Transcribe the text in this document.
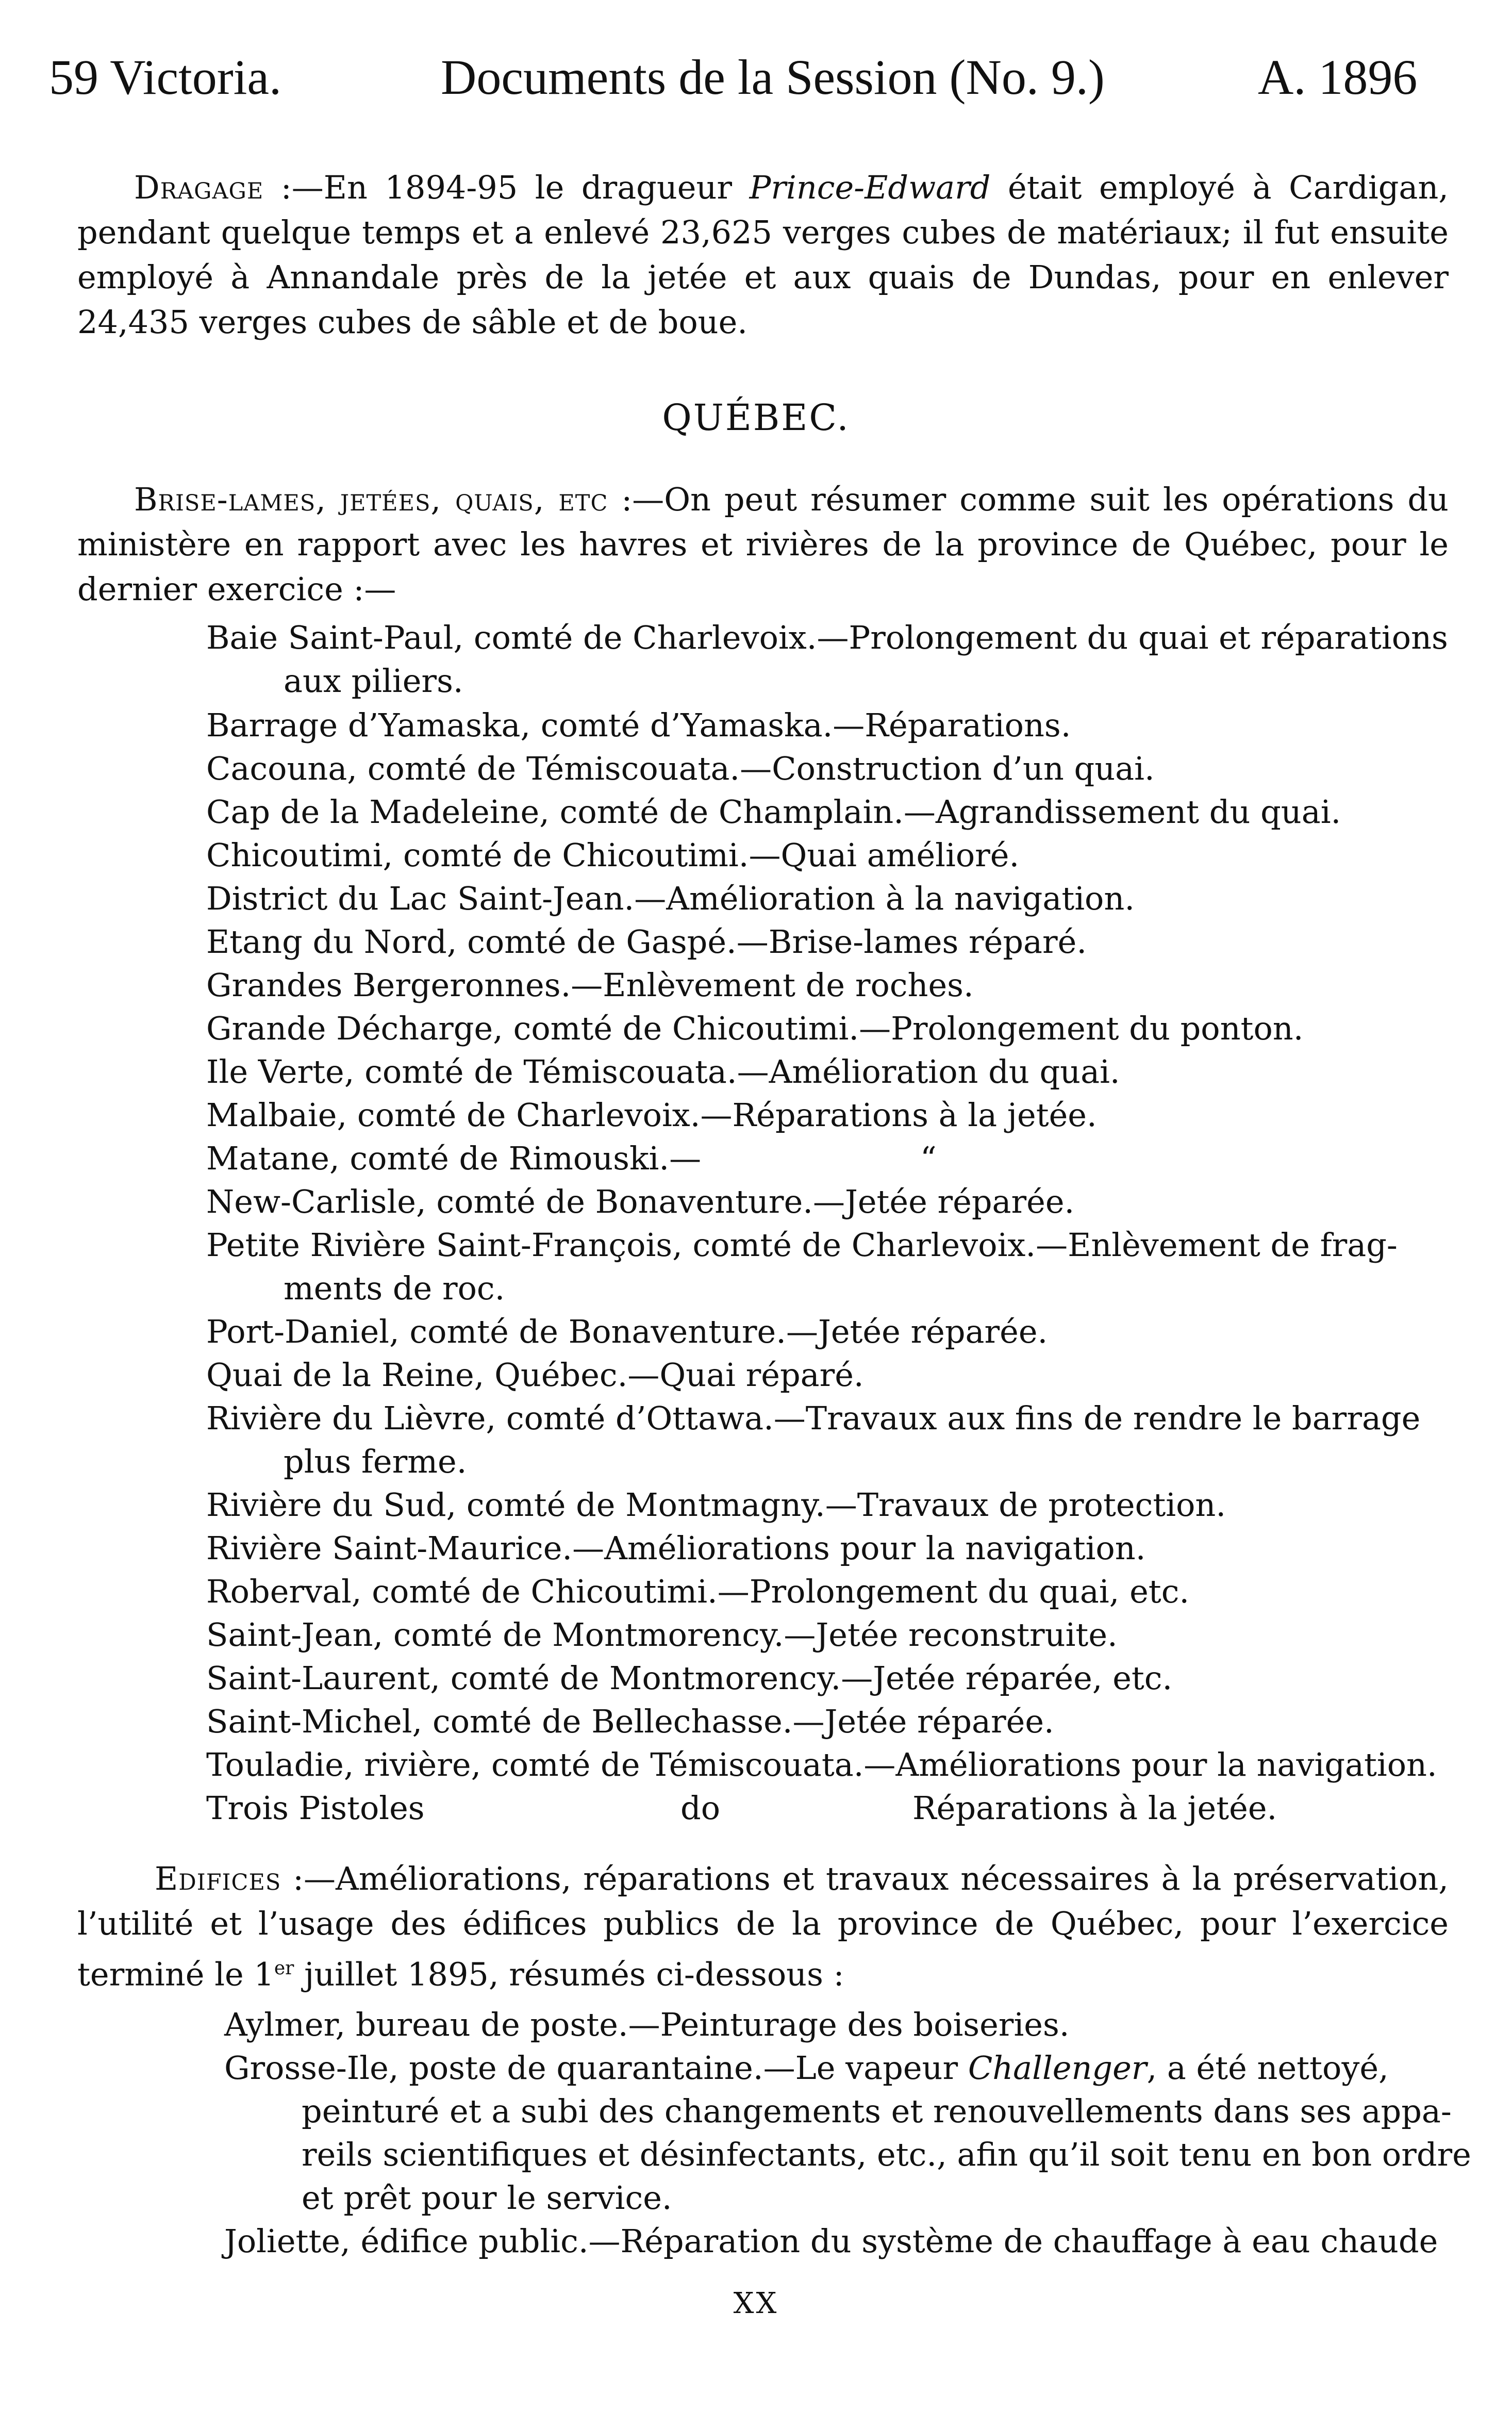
59 Victoria.	Documents de la Session (No. 9.)	A. 1896
Dragage :—En 1894-95 le dragueur Prince-Edward était employé à Cardigan, pendant quelque temps et a enlevé 23,625 verges cubes de matériaux; il fut ensuite employé à Annandale près de la jetée et aux quais de Dundas, pour en enlever 24,435 verges cubes de sâble et de boue.
QUÉBEC.
Brise-lames, jetées, quais, etc :—On peut résumer comme suit les opérations du ministère en rapport avec les havres et rivières de la province de Québec, pour le dernier exercice :—
Baie Saint-Paul, comté de Charlevoix.—Prolongement du quai et réparations
aux piliers.
Barrage d’Yamaska, comté d’Yamaska.—Réparations.
Cacouna, comté de Témiscouata.—Construction d’un quai.
Cap de la Madeleine, comté de Champlain.—Agrandissement du quai.
Chicoutimi, comté de Chicoutimi.—Quai amélioré.
District du Lac Saint-Jean.—Amélioration à la navigation.
Etang du Nord, comté de Gaspé.—Brise-lames réparé.
Grandes Bergeronnes.—Enlèvement de roches.
Grande Décharge, comté de Chicoutimi.—Prolongement du ponton.
Ile Verte, comté de Témiscouata.—Amélioration du quai.
Malbaie, comté de Charlevoix.—Réparations à la jetée.
Matane, comté de Rimouski.—	“
New-Carlisle, comté de Bonaventure.—Jetée réparée.
Petite Rivière Saint-François, comté de Charlevoix.—Enlèvement de frag-
ments de roc.
Port-Daniel, comté de Bonaventure.—Jetée réparée.
Quai de la Reine, Québec.—Quai réparé.
Rivière du Lièvre, comté d’Ottawa.—Travaux aux fins de rendre le barrage
plus ferme.
Rivière du Sud, comté de Montmagny.—Travaux de protection.
Rivière Saint-Maurice.—Améliorations pour la navigation.
Roberval, comté de Chicoutimi.—Prolongement du quai, etc.
Saint-Jean, comté de Montmorency.—Jetée reconstruite.
Saint-Laurent, comté de Montmorency.—Jetée réparée, etc.
Saint-Michel, comté de Bellechasse.—Jetée réparée.
Touladie, rivière, comté de Témiscouata.—Améliorations pour la navigation.
Trois Pistoles	do	Réparations à la jetée.
Edifices :—Améliorations, réparations et travaux nécessaires à la préservation, l’utilité et l’usage des édifices publics de la province de Québec, pour l’exercice terminé le 1er juillet 1895, résumés ci-dessous :
Aylmer, bureau de poste.—Peinturage des boiseries.
Grosse-Ile, poste de quarantaine.—Le vapeur Challenger, a été nettoyé,
peinturé et a subi des changements et renouvellements dans ses appa-
reils scientifiques et désinfectants, etc., afin qu’il soit tenu en bon ordre
et prêt pour le service.
Joliette, édifice public.—Réparation du système de chauffage à eau chaude
XX
